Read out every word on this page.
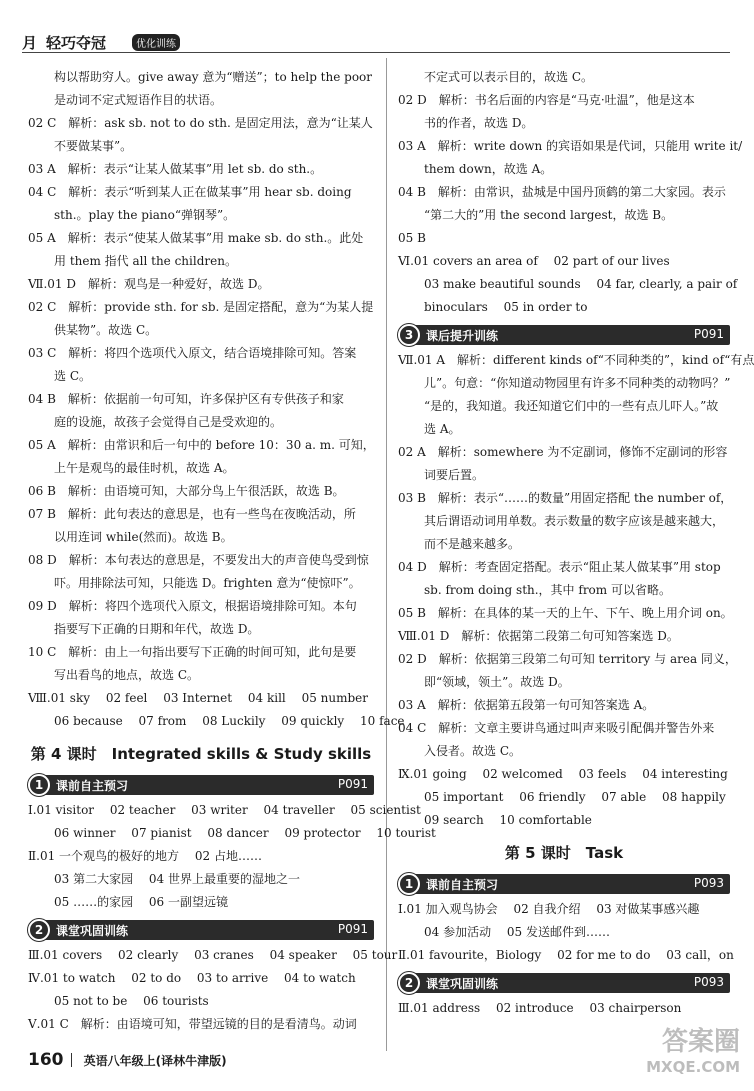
月 轻巧夺冠	优化训练
构以帮助穷人。give away 意为“赠送”；to help the poor
是动词不定式短语作目的状语。
02 C　解析：ask sb. not to do sth. 是固定用法，意为“让某人
不要做某事”。
03 A　解析：表示“让某人做某事”用 let sb. do sth.。
04 C　解析：表示“听到某人正在做某事”用 hear sb. doing
sth.。play the piano“弹钢琴”。
05 A　解析：表示“使某人做某事”用 make sb. do sth.。此处
用 them 指代 all the children。
Ⅶ.01 D　解析：观鸟是一种爱好，故选 D。
02 C　解析：provide sth. for sb. 是固定搭配，意为“为某人提
供某物”。故选 C。
03 C　解析：将四个选项代入原文，结合语境排除可知。答案
选 C。
04 B　解析：依据前一句可知，许多保护区有专供孩子和家
庭的设施，故孩子会觉得自己是受欢迎的。
05 A　解析：由常识和后一句中的 before 10：30 a. m. 可知，
上午是观鸟的最佳时机，故选 A。
06 B　解析：由语境可知，大部分鸟上午很活跃，故选 B。
07 B　解析：此句表达的意思是，也有一些鸟在夜晚活动，所
以用连词 while(然而)。故选 B。
08 D　解析：本句表达的意思是，不要发出大的声音使鸟受到惊
吓。用排除法可知，只能选 D。frighten 意为“使惊吓”。
09 D　解析：将四个选项代入原文，根据语境排除可知。本句
指要写下正确的日期和年代，故选 D。
10 C　解析：由上一句指出要写下正确的时间可知，此句是要
写出看鸟的地点，故选 C。
Ⅷ.01 sky　 02 feel　 03 Internet　 04 kill　 05 number
06 because　 07 from　 08 Luckily　 09 quickly　 10 face
第 4 课时　Integrated skills & Study skills
1	课前自主预习	P091
Ⅰ.01 visitor　 02 teacher　 03 writer　 04 traveller　 05 scientist
06 winner　 07 pianist　 08 dancer　 09 protector　 10 tourist
Ⅱ.01 一个观鸟的极好的地方　 02 占地……
03 第二大家园　 04 世界上最重要的湿地之一
05 ……的家园　 06 一副望远镜
2	课堂巩固训练	P091
Ⅲ.01 covers　 02 clearly　 03 cranes　 04 speaker　 05 tour
Ⅳ.01 to watch　 02 to do　 03 to arrive　 04 to watch
05 not to be　 06 tourists
Ⅴ.01 C　解析：由语境可知，带望远镜的目的是看清鸟。动词
不定式可以表示目的，故选 C。
02 D　解析：书名后面的内容是“马克·吐温”，他是这本
书的作者，故选 D。
03 A　解析：write down 的宾语如果是代词，只能用 write it/
them down，故选 A。
04 B　解析：由常识，盐城是中国丹顶鹤的第二大家园。表示
“第二大的”用 the second largest，故选 B。
05 B
Ⅵ.01 covers an area of　 02 part of our lives
03 make beautiful sounds　 04 far, clearly, a pair of
binoculars　 05 in order to
3	课后提升训练	P091
Ⅶ.01 A　解析：different kinds of“不同种类的”，kind of“有点
儿”。句意：“你知道动物园里有许多不同种类的动物吗？”
“是的，我知道。我还知道它们中的一些有点儿吓人。”故
选 A。
02 A　解析：somewhere 为不定副词，修饰不定副词的形容
词要后置。
03 B　解析：表示“……的数量”用固定搭配 the number of，
其后谓语动词用单数。表示数量的数字应该是越来越大，
而不是越来越多。
04 D　解析：考查固定搭配。表示“阻止某人做某事”用 stop
sb. from doing sth.，其中 from 可以省略。
05 B　解析：在具体的某一天的上午、下午、晚上用介词 on。
Ⅷ.01 D　解析：依据第二段第二句可知答案选 D。
02 D　解析：依据第三段第二句可知 territory 与 area 同义，
即“领域，领土”。故选 D。
03 A　解析：依据第五段第一句可知答案选 A。
04 C　解析：文章主要讲鸟通过叫声来吸引配偶并警告外来
入侵者。故选 C。
Ⅸ.01 going　 02 welcomed　 03 feels　 04 interesting
05 important　 06 friendly　 07 able　 08 happily
09 search　 10 comfortable
第 5 课时　Task
1	课前自主预习	P093
Ⅰ.01 加入观鸟协会　 02 自我介绍　 03 对做某事感兴趣
04 参加活动　 05 发送邮件到……
Ⅱ.01 favourite，Biology　 02 for me to do　 03 call，on
2	课堂巩固训练	P093
Ⅲ.01 address　 02 introduce　 03 chairperson
160 英语八年级上(译林牛津版)
答案圈
MXQE.COM
